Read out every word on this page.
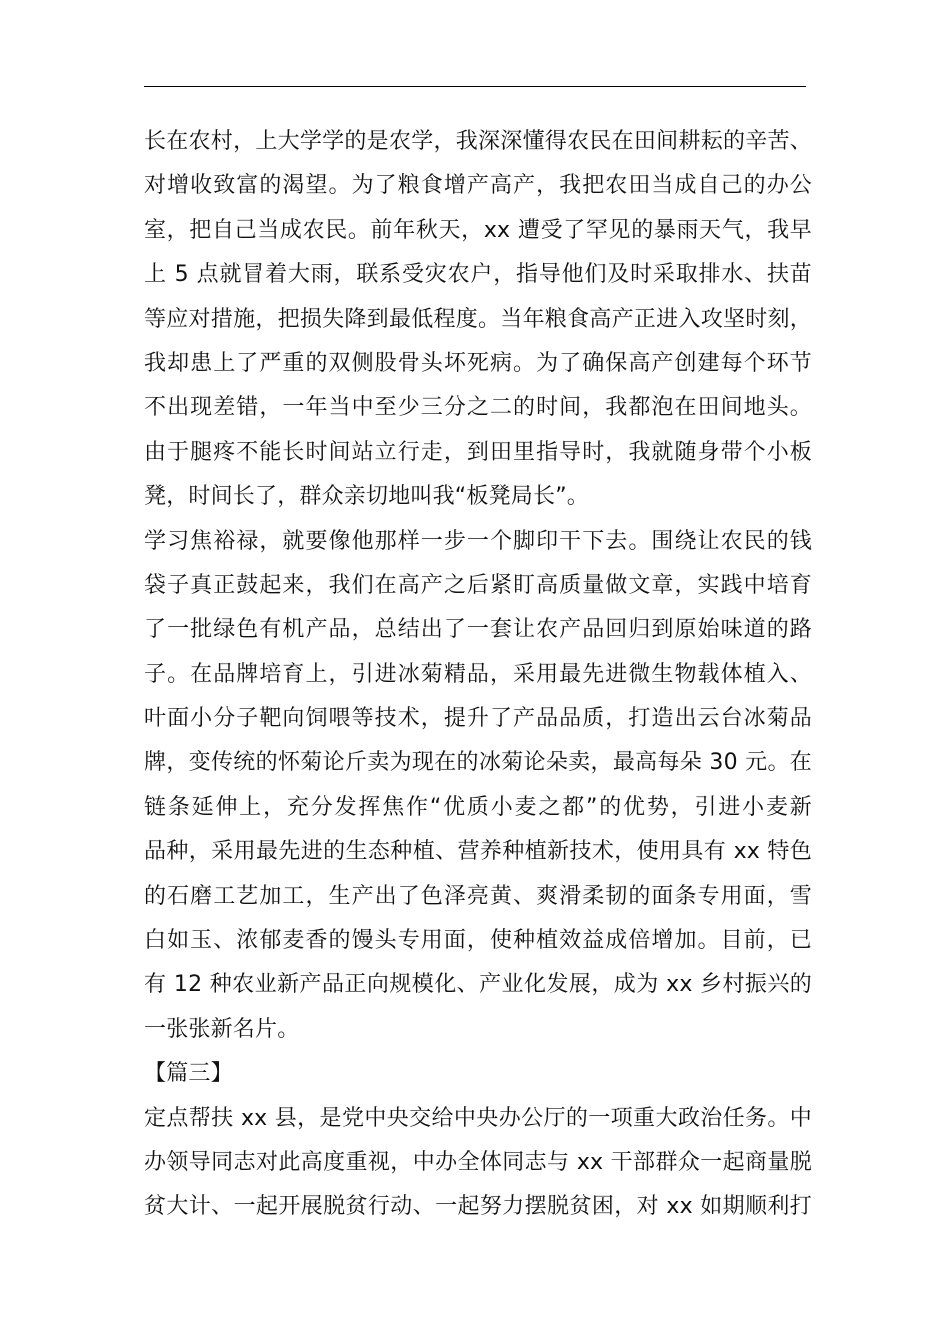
长在农村，上大学学的是农学，我深深懂得农民在田间耕耘的辛苦、
对增收致富的渴望。为了粮食增产高产，我把农田当成自己的办公
室，把自己当成农民。前年秋天，xx 遭受了罕见的暴雨天气，我早
上 5 点就冒着大雨，联系受灾农户，指导他们及时采取排水、扶苗
等应对措施，把损失降到最低程度。当年粮食高产正进入攻坚时刻，
我却患上了严重的双侧股骨头坏死病。为了确保高产创建每个环节
不出现差错，一年当中至少三分之二的时间，我都泡在田间地头。
由于腿疼不能长时间站立行走，到田里指导时，我就随身带个小板
凳，时间长了，群众亲切地叫我“板凳局长”。
学习焦裕禄，就要像他那样一步一个脚印干下去。围绕让农民的钱
袋子真正鼓起来，我们在高产之后紧盯高质量做文章，实践中培育
了一批绿色有机产品，总结出了一套让农产品回归到原始味道的路
子。在品牌培育上，引进冰菊精品，采用最先进微生物载体植入、
叶面小分子靶向饲喂等技术，提升了产品品质，打造出云台冰菊品
牌，变传统的怀菊论斤卖为现在的冰菊论朵卖，最高每朵 30 元。在
链条延伸上，充分发挥焦作“优质小麦之都”的优势，引进小麦新
品种，采用最先进的生态种植、营养种植新技术，使用具有 xx 特色
的石磨工艺加工，生产出了色泽亮黄、爽滑柔韧的面条专用面，雪
白如玉、浓郁麦香的馒头专用面，使种植效益成倍增加。目前，已
有 12 种农业新产品正向规模化、产业化发展，成为 xx 乡村振兴的
一张张新名片。
【篇三】
定点帮扶 xx 县，是党中央交给中央办公厅的一项重大政治任务。中
办领导同志对此高度重视，中办全体同志与 xx 干部群众一起商量脱
贫大计、一起开展脱贫行动、一起努力摆脱贫困，对 xx 如期顺利打
